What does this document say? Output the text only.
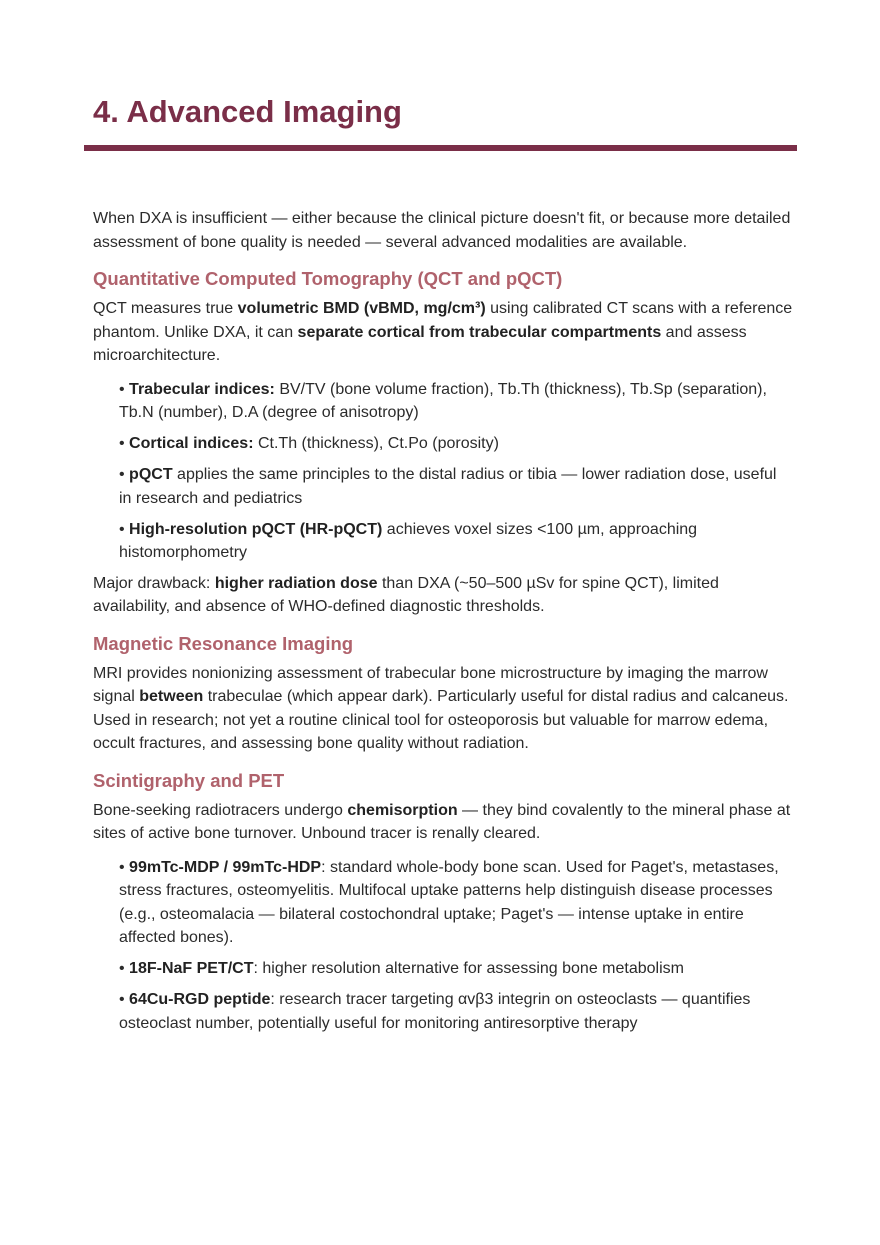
4. Advanced Imaging

When DXA is insufficient — either because the clinical picture doesn't fit, or because more detailed assessment of bone quality is needed — several advanced modalities are available.

Quantitative Computed Tomography (QCT and pQCT)

QCT measures true volumetric BMD (vBMD, mg/cm³) using calibrated CT scans with a reference phantom. Unlike DXA, it can separate cortical from trabecular compartments and assess microarchitecture.

• Trabecular indices: BV/TV (bone volume fraction), Tb.Th (thickness), Tb.Sp (separation), Tb.N (number), D.A (degree of anisotropy)
• Cortical indices: Ct.Th (thickness), Ct.Po (porosity)
• pQCT applies the same principles to the distal radius or tibia — lower radiation dose, useful in research and pediatrics
• High-resolution pQCT (HR-pQCT) achieves voxel sizes <100 µm, approaching histomorphometry

Major drawback: higher radiation dose than DXA (~50–500 µSv for spine QCT), limited availability, and absence of WHO-defined diagnostic thresholds.

Magnetic Resonance Imaging

MRI provides nonionizing assessment of trabecular bone microstructure by imaging the marrow signal between trabeculae (which appear dark). Particularly useful for distal radius and calcaneus. Used in research; not yet a routine clinical tool for osteoporosis but valuable for marrow edema, occult fractures, and assessing bone quality without radiation.

Scintigraphy and PET

Bone-seeking radiotracers undergo chemisorption — they bind covalently to the mineral phase at sites of active bone turnover. Unbound tracer is renally cleared.

• 99mTc-MDP / 99mTc-HDP: standard whole-body bone scan. Used for Paget's, metastases, stress fractures, osteomyelitis. Multifocal uptake patterns help distinguish disease processes (e.g., osteomalacia — bilateral costochondral uptake; Paget's — intense uptake in entire affected bones).
• 18F-NaF PET/CT: higher resolution alternative for assessing bone metabolism
• 64Cu-RGD peptide: research tracer targeting αvβ3 integrin on osteoclasts — quantifies osteoclast number, potentially useful for monitoring antiresorptive therapy
